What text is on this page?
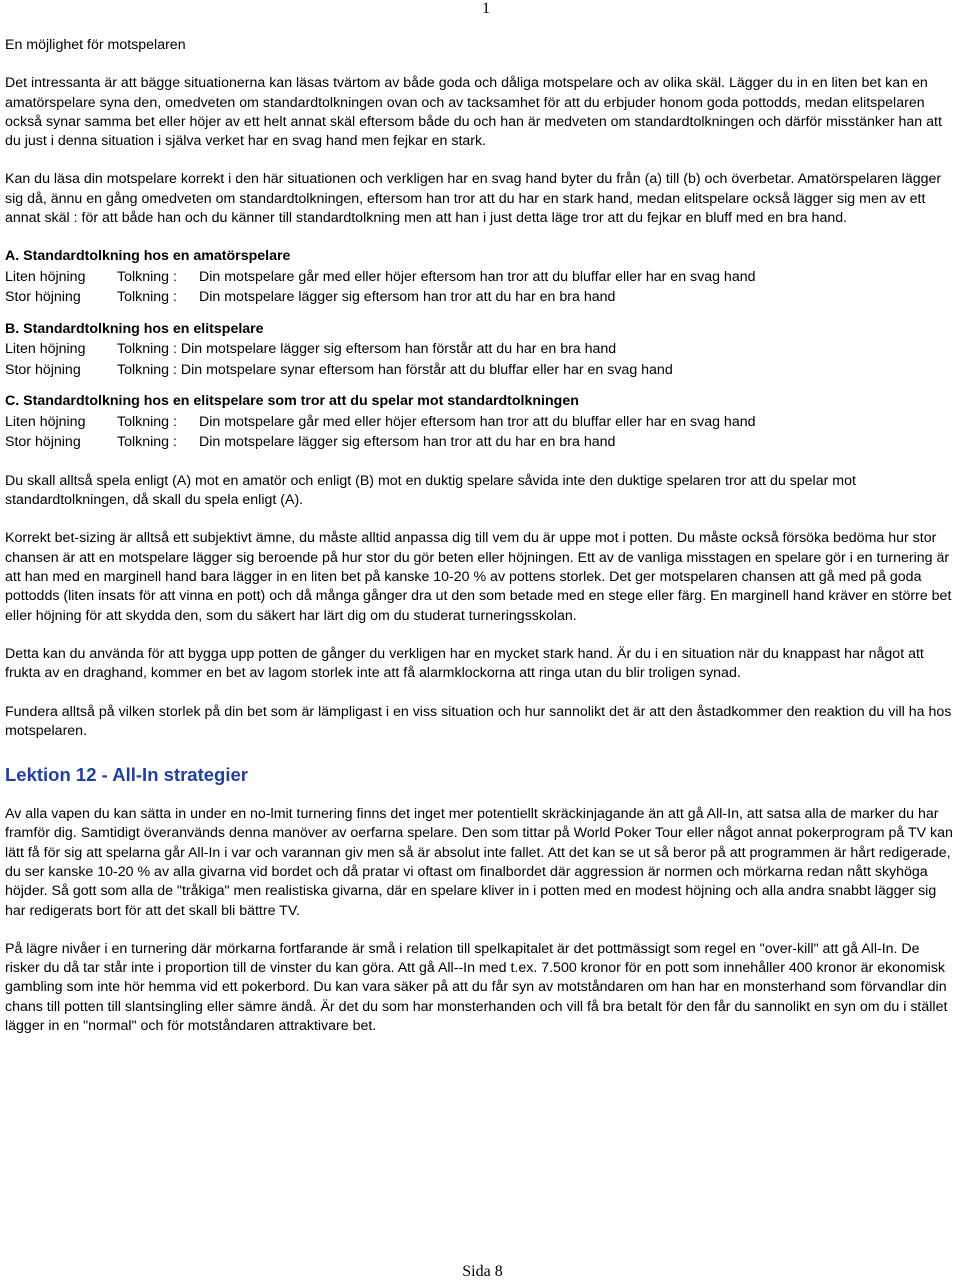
1
En möjlighet för motspelaren

Det intressanta är att bägge situationerna kan läsas tvärtom av både goda och dåliga motspelare och av olika skäl. Lägger du in en liten bet kan en amatörspelare syna den, omedveten om standardtolkningen ovan och av tacksamhet för att du erbjuder honom goda pottodds, medan elitspelaren också synar samma bet eller höjer av ett helt annat skäl eftersom både du och han är medveten om standardtolkningen och därför misstänker han att du just i denna situation i själva verket har en svag hand men fejkar en stark.

Kan du läsa din motspelare korrekt i den här situationen och verkligen har en svag hand byter du från (a) till (b) och överbetar. Amatörspelaren lägger sig då, ännu en gång omedveten om standardtolkningen, eftersom han tror att du har en stark hand, medan elitspelare också lägger sig men av ett annat skäl : för att både han och du känner till standardtolkning men att han i just detta läge tror att du fejkar en bluff med en bra hand.

A. Standardtolkning hos en amatörspelare
Liten höjning	Tolkning :	Din motspelare går med eller höjer eftersom han tror att du bluffar eller har en svag hand
Stor höjning	Tolkning :	Din motspelare lägger sig eftersom han tror att du har en bra hand
B. Standardtolkning hos en elitspelare
Liten höjning	Tolkning : Din motspelare lägger sig eftersom han förstår att du har en bra hand
Stor höjning	Tolkning : Din motspelare synar eftersom han förstår att du bluffar eller har en svag hand
C. Standardtolkning hos en elitspelare som tror att du spelar mot standardtolkningen
Liten höjning	Tolkning :	Din motspelare går med eller höjer eftersom han tror att du bluffar eller har en svag hand
Stor höjning	Tolkning :	Din motspelare lägger sig eftersom han tror att du har en bra hand

Du skall alltså spela enligt (A) mot en amatör och enligt (B) mot en duktig spelare såvida inte den duktige spelaren tror att du spelar mot standardtolkningen, då skall du spela enligt (A).

Korrekt bet-sizing är alltså ett subjektivt ämne, du måste alltid anpassa dig till vem du är uppe mot i potten. Du måste också försöka bedöma hur stor chansen är att en motspelare lägger sig beroende på hur stor du gör beten eller höjningen. Ett av de vanliga misstagen en spelare gör i en turnering är att han med en marginell hand bara lägger in en liten bet på kanske 10-20 % av pottens storlek. Det ger motspelaren chansen att gå med på goda pottodds (liten insats för att vinna en pott) och då många gånger dra ut den som betade med en stege eller färg. En marginell hand kräver en större bet eller höjning för att skydda den, som du säkert har lärt dig om du studerat turneringsskolan.

Detta kan du använda för att bygga upp potten de gånger du verkligen har en mycket stark hand. Är du i en situation när du knappast har något att frukta av en draghand, kommer en bet av lagom storlek inte att få alarmklockorna att ringa utan du blir troligen synad.

Fundera alltså på vilken storlek på din bet som är lämpligast i en viss situation och hur sannolikt det är att den åstadkommer den reaktion du vill ha hos motspelaren.

Lektion 12 - All-In strategier

Av alla vapen du kan sätta in under en no-lmit turnering finns det inget mer potentiellt skräckinjagande än att gå All-In, att satsa alla de marker du har framför dig. Samtidigt överanvänds denna manöver av oerfarna spelare. Den som tittar på World Poker Tour eller något annat pokerprogram på TV kan lätt få för sig att spelarna går All-In i var och varannan giv men så är absolut inte fallet. Att det kan se ut så beror på att programmen är hårt redigerade, du ser kanske 10-20 % av alla givarna vid bordet och då pratar vi oftast om finalbordet där aggression är normen och mörkarna redan nått skyhöga höjder. Så gott som alla de "tråkiga" men realistiska givarna, där en spelare kliver in i potten med en modest höjning och alla andra snabbt lägger sig har redigerats bort för att det skall bli bättre TV.

På lägre nivåer i en turnering där mörkarna fortfarande är små i relation till spelkapitalet är det pottmässigt som regel en "over-kill" att gå All-In. De risker du då tar står inte i proportion till de vinster du kan göra. Att gå All--In med t.ex. 7.500 kronor för en pott som innehåller 400 kronor är ekonomisk gambling som inte hör hemma vid ett pokerbord. Du kan vara säker på att du får syn av motståndaren om han har en monsterhand som förvandlar din chans till potten till slantsingling eller sämre ändå. Är det du som har monsterhanden och vill få bra betalt för den får du sannolikt en syn om du i stället lägger in en "normal" och för motståndaren attraktivare bet.

Sida 8
